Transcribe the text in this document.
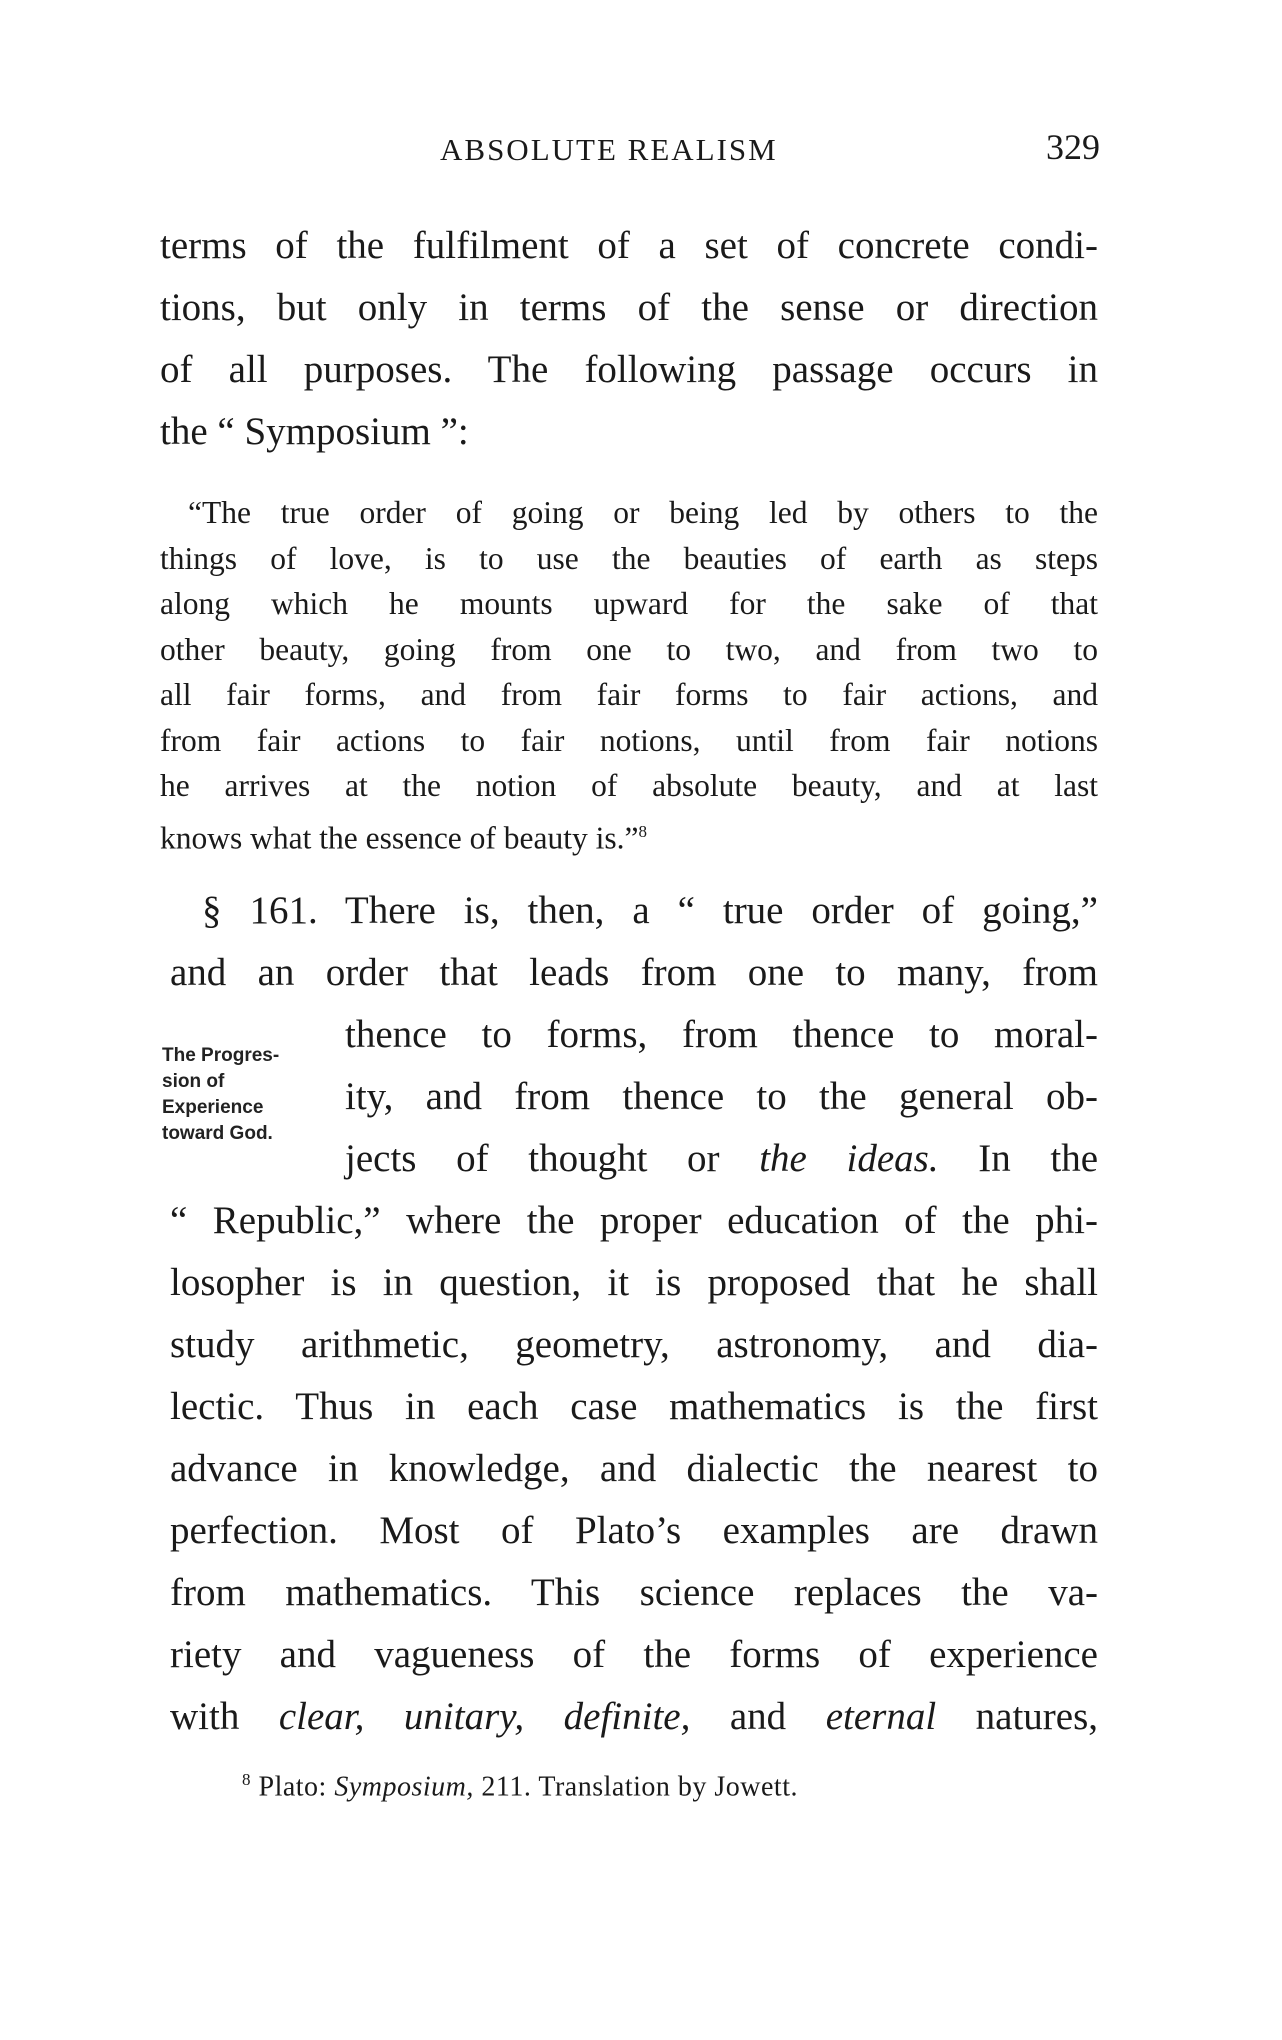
ABSOLUTE REALISM	329
terms of the fulfilment of a set of concrete condi-
tions, but only in terms of the sense or direction
of all purposes. The following passage occurs in
the “ Symposium ”:
“The true order of going or being led by others to the
things of love, is to use the beauties of earth as steps
along which he mounts upward for the sake of that
other beauty, going from one to two, and from two to
all fair forms, and from fair forms to fair actions, and
from fair actions to fair notions, until from fair notions
he arrives at the notion of absolute beauty, and at last
knows what the essence of beauty is.”$^8$
The Progres-
sion of
Experience
toward God.
§ 161. There is, then, a “ true order of going,”
and an order that leads from one to many, from
thence to forms, from thence to moral-
ity, and from thence to the general ob-
jects of thought or the ideas. In the
“ Republic,” where the proper education of the phi-
losopher is in question, it is proposed that he shall
study arithmetic, geometry, astronomy, and dia-
lectic. Thus in each case mathematics is the first
advance in knowledge, and dialectic the nearest to
perfection. Most of Plato’s examples are drawn
from mathematics. This science replaces the va-
riety and vagueness of the forms of experience
with clear, unitary, definite, and eternal natures,
$^8$ Plato: Symposium, 211. Translation by Jowett.
